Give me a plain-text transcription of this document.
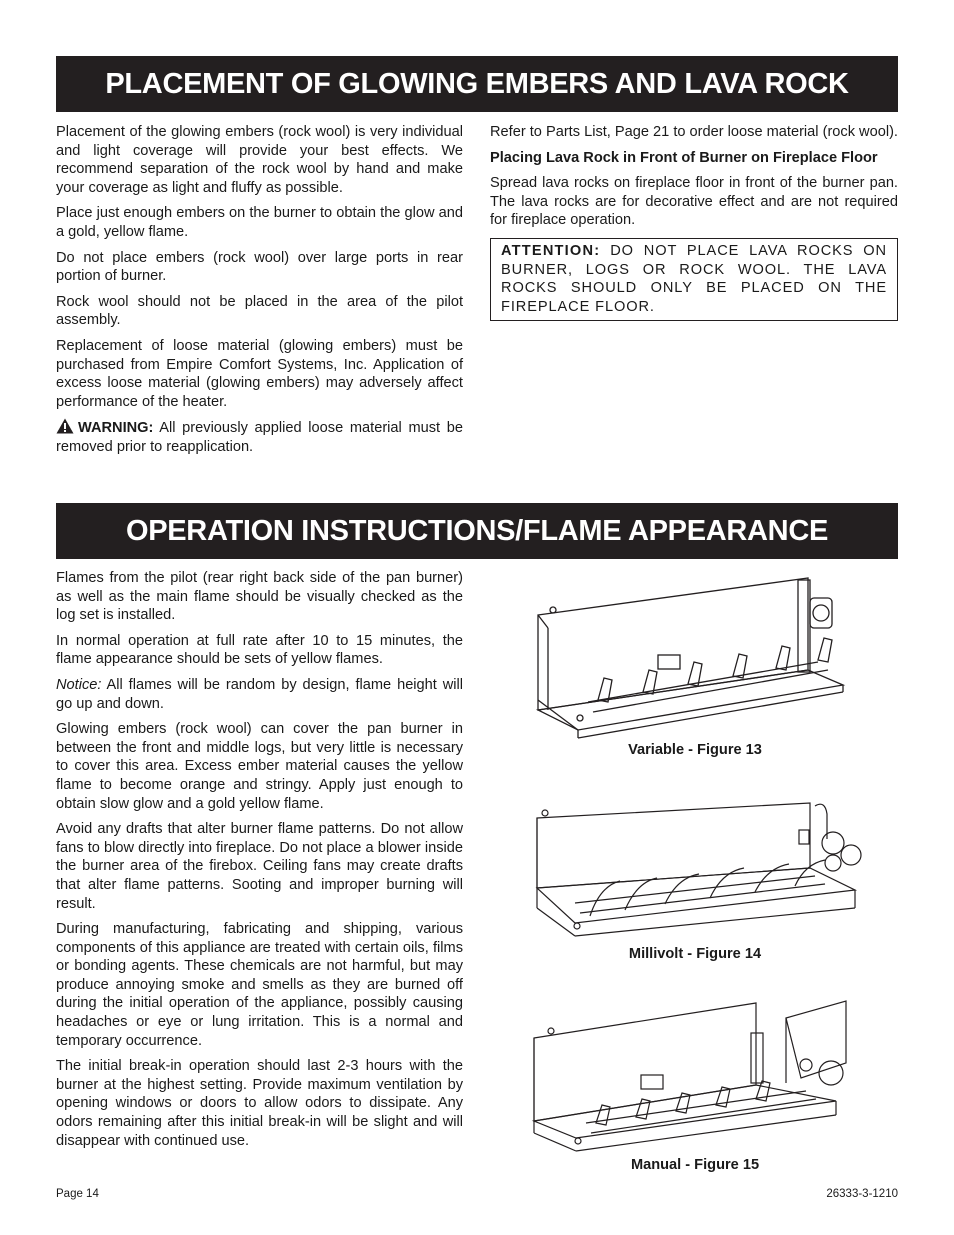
PLACEMENT OF GLOWING EMBERS AND LAVA ROCK

Placement of the glowing embers (rock wool) is very individual and light coverage will provide your best effects. We recommend separation of the rock wool by hand and make your coverage as light and fluffy as possible.

Place just enough embers on the burner to obtain the glow and a gold, yellow flame.

Do not place embers (rock wool) over large ports in rear portion of burner.

Rock wool should not be placed in the area of the pilot assembly.

Replacement of loose material (glowing embers) must be purchased from Empire Comfort Systems, Inc. Application of excess loose material (glowing embers) may adversely affect performance of the heater.

WARNING: All previously applied loose material must be removed prior to reapplication.

Refer to Parts List, Page 21 to order loose material (rock wool).

Placing Lava Rock in Front of Burner on Fireplace Floor

Spread lava rocks on fireplace floor in front of the burner pan. The lava rocks are for decorative effect and are not required for fireplace operation.

ATTENTION: DO NOT PLACE LAVA ROCKS ON BURNER, LOGS OR ROCK WOOL. THE LAVA ROCKS SHOULD ONLY BE PLACED ON THE FIREPLACE FLOOR.
OPERATION INSTRUCTIONS/FLAME APPEARANCE

Flames from the pilot (rear right back side of the pan burner) as well as the main flame should be visually checked as the log set is installed.

In normal operation at full rate after 10 to 15 minutes, the flame appearance should be sets of yellow flames.

Notice: All flames will be random by design, flame height will go up and down.

Glowing embers (rock wool) can cover the pan burner in between the front and middle logs, but very little is necessary to cover this area. Excess ember material causes the yellow flame to become orange and stringy. Apply just enough to obtain slow glow and a gold yellow flame.

Avoid any drafts that alter burner flame patterns. Do not allow fans to blow directly into fireplace. Do not place a blower inside the burner area of the firebox. Ceiling fans may create drafts that alter flame patterns. Sooting and improper burning will result.

During manufacturing, fabricating and shipping, various components of this appliance are treated with certain oils, films or bonding agents. These chemicals are not harmful, but may produce annoying smoke and smells as they are burned off during the initial operation of the appliance, possibly causing headaches or eye or lung irritation. This is a normal and temporary occurrence.

The initial break-in operation should last 2-3 hours with the burner at the highest setting. Provide maximum ventilation by opening windows or doors to allow odors to dissipate. Any odors remaining after this initial break-in will be slight and will disappear with continued use.

Variable - Figure 13
Millivolt - Figure 14
Manual - Figure 15
Page 14	26333-3-1210
